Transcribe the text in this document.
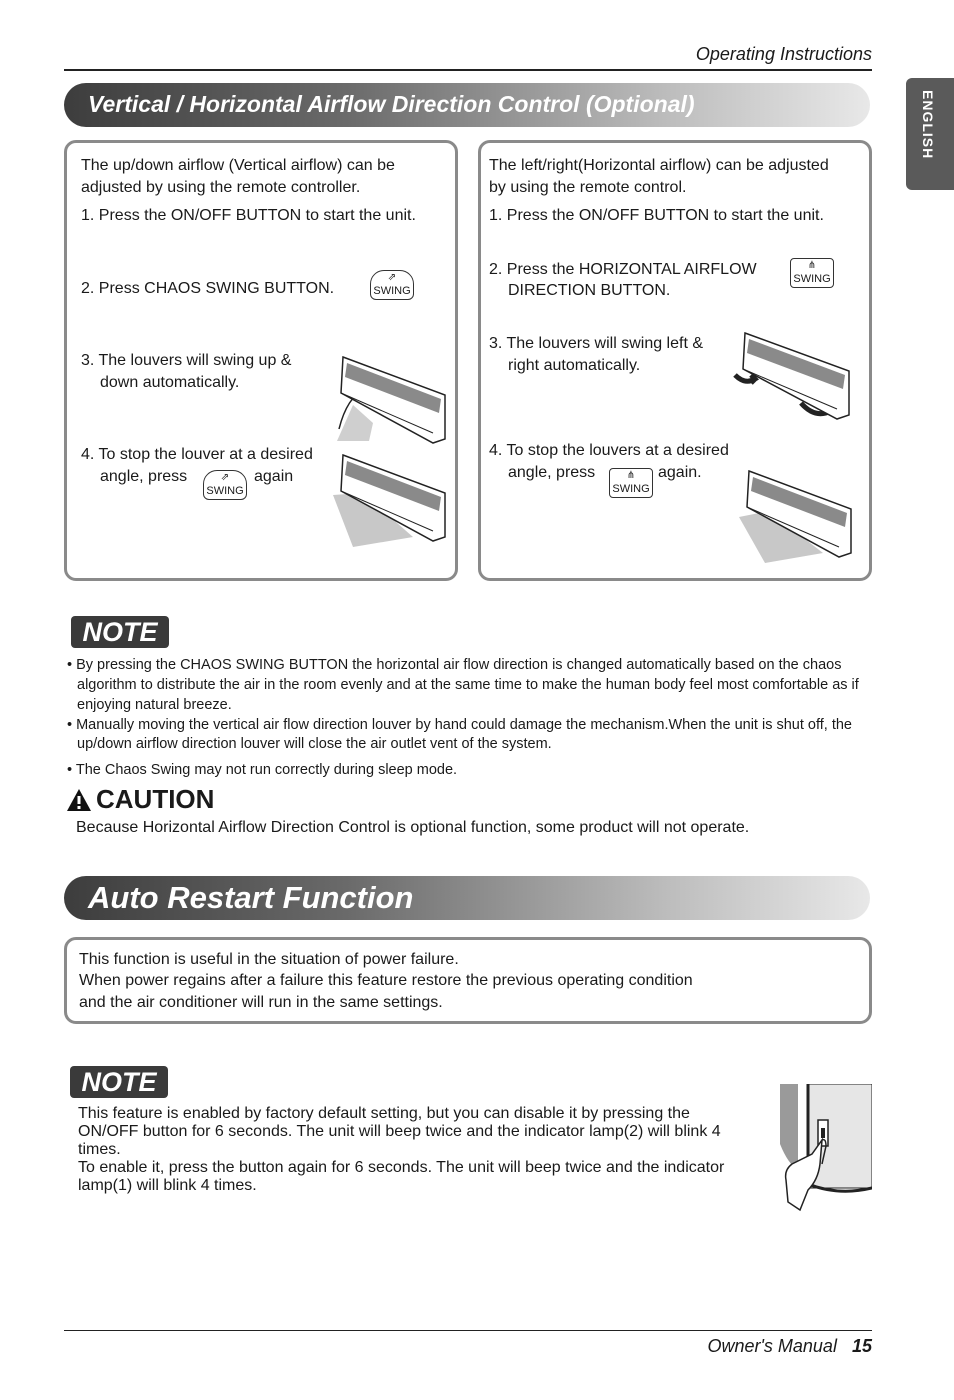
Operating Instructions
ENGLISH
Vertical / Horizontal Airflow Direction Control (Optional)
The up/down airflow (Vertical airflow) can be
adjusted by using the remote controller.
1. Press the ON/OFF BUTTON to start the unit.
2. Press CHAOS SWING BUTTON.
⇗
SWING
3. The louvers will swing up &
down automatically.
4. To stop the louver at a desired
angle, press	⇗
SWING
again
The left/right(Horizontal airflow) can be adjusted
by using the remote control.
1. Press the ON/OFF BUTTON to start the unit.
2. Press the HORIZONTAL AIRFLOW
DIRECTION BUTTON.
⋔
SWING
3. The louvers will swing left &
right automatically.
4. To stop the louvers at a desired
angle, press	⋔
SWING
again.
NOTE
• By pressing the CHAOS SWING BUTTON the horizontal air flow direction is changed automatically based on the chaos
algorithm to distribute the air in the room evenly and at the same time to make the human body feel most comfortable as if
enjoying natural breeze.
• Manually moving the vertical air flow direction louver by hand could damage the mechanism.When the unit is shut off, the
up/down airflow direction louver will close the air outlet vent of the system.
• The Chaos Swing may not run correctly during sleep mode.
CAUTION
Because Horizontal Airflow Direction Control is optional function, some product will not operate.
Auto Restart Function
This function is useful in the situation of power failure.
When power regains after a failure this feature restore the previous operating condition
and the air conditioner will run in the same settings.
NOTE
This feature is enabled by factory default setting, but you can disable it by pressing the
ON/OFF button for 6 seconds. The unit will beep twice and the indicator lamp(2) will blink 4
times.
To enable it, press the button again for 6 seconds. The unit will beep twice and the indicator
lamp(1) will blink 4 times.
Owner's Manual 15
